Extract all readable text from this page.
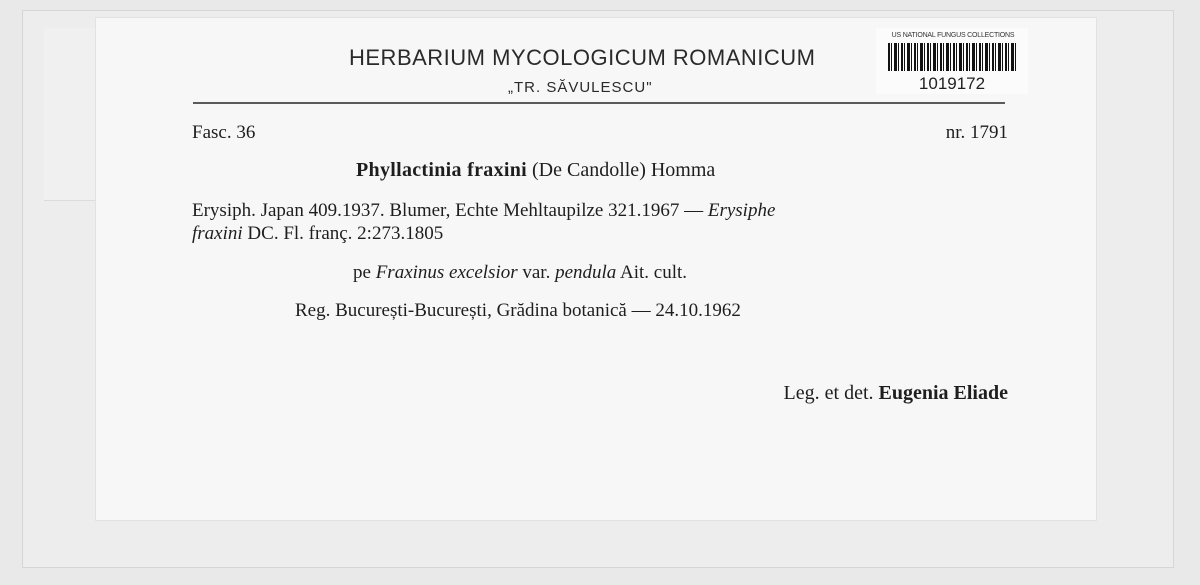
HERBARIUM MYCOLOGICUM ROMANICUM
„TR. SĂVULESCU"
US NATIONAL FUNGUS COLLECTIONS
1019172
Fasc. 36	nr. 1791
Phyllactinia fraxini (De Candolle) Homma
Erysiph. Japan 409.1937. Blumer, Echte Mehltaupilze 321.1967 — Erysiphe
fraxini DC. Fl. franç. 2:273.1805
pe Fraxinus excelsior var. pendula Ait. cult.
Reg. București-București, Grădina botanică — 24.10.1962
Leg. et det. Eugenia Eliade
